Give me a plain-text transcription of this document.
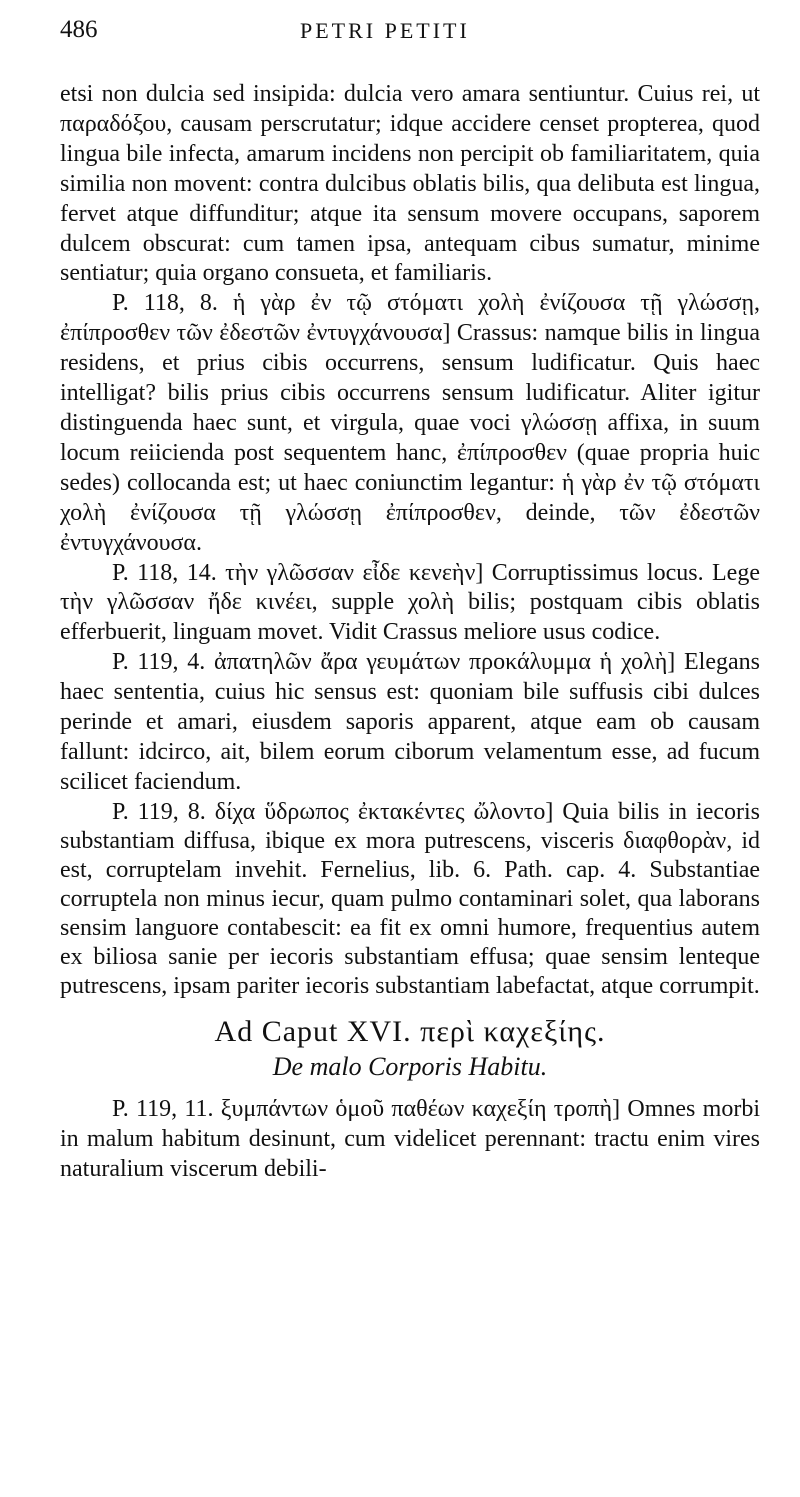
486	PETRI PETITI

etsi non dulcia sed insipida: dulcia vero amara sentiuntur. Cuius rei, ut παραδόξου, causam perscrutatur; idque accidere censet propterea, quod lingua bile infecta, amarum incidens non percipit ob familiaritatem, quia similia non movent: contra dulcibus oblatis bilis, qua delibuta est lingua, fervet atque diffunditur; atque ita sensum movere occupans, saporem dulcem obscurat: cum tamen ipsa, antequam cibus sumatur, minime sentiatur; quia organo consueta, et familiaris.

P. 118, 8. ἡ γὰρ ἐν τῷ στόματι χολὴ ἐνίζουσα τῇ γλώσσῃ, ἐπίπροσθεν τῶν ἐδεστῶν ἐντυγχάνουσα] Crassus: namque bilis in lingua residens, et prius cibis occurrens, sensum ludificatur. Quis haec intelligat? bilis prius cibis occurrens sensum ludificatur. Aliter igitur distinguenda haec sunt, et virgula, quae voci γλώσσῃ affixa, in suum locum reiicienda post sequentem hanc, ἐπίπροσθεν (quae propria huic sedes) collocanda est; ut haec coniunctim legantur: ἡ γὰρ ἐν τῷ στόματι χολὴ ἐνίζουσα τῇ γλώσσῃ ἐπίπροσθεν, deinde, τῶν ἐδεστῶν ἐντυγχάνουσα.

P. 118, 14. τὴν γλῶσσαν εἶδε κενεὴν] Corruptissimus locus. Lege τὴν γλῶσσαν ἤδε κινέει, supple χολὴ bilis; postquam cibis oblatis efferbuerit, linguam movet. Vidit Crassus meliore usus codice.

P. 119, 4. ἀπατηλῶν ἄρα γευμάτων προκάλυμμα ἡ χολὴ] Elegans haec sententia, cuius hic sensus est: quoniam bile suffusis cibi dulces perinde et amari, eiusdem saporis apparent, atque eam ob causam fallunt: idcirco, ait, bilem eorum ciborum velamentum esse, ad fucum scilicet faciendum.

P. 119, 8. δίχα ὕδρωπος ἐκτακέντες ὤλοντο] Quia bilis in iecoris substantiam diffusa, ibique ex mora putrescens, visceris διαφθορὰν, id est, corruptelam invehit. Fernelius, lib. 6. Path. cap. 4. Substantiae corruptela non minus iecur, quam pulmo contaminari solet, qua laborans sensim languore contabescit: ea fit ex omni humore, frequentius autem ex biliosa sanie per iecoris substantiam effusa; quae sensim lenteque putrescens, ipsam pariter iecoris substantiam labefactat, atque corrumpit.

Ad Caput XVI. περὶ καχεξίης.

De malo Corporis Habitu.

P. 119, 11. ξυμπάντων ὁμοῦ παθέων καχεξίη τροπὴ] Omnes morbi in malum habitum desinunt, cum videlicet perennant: tractu enim vires naturalium viscerum debili-
